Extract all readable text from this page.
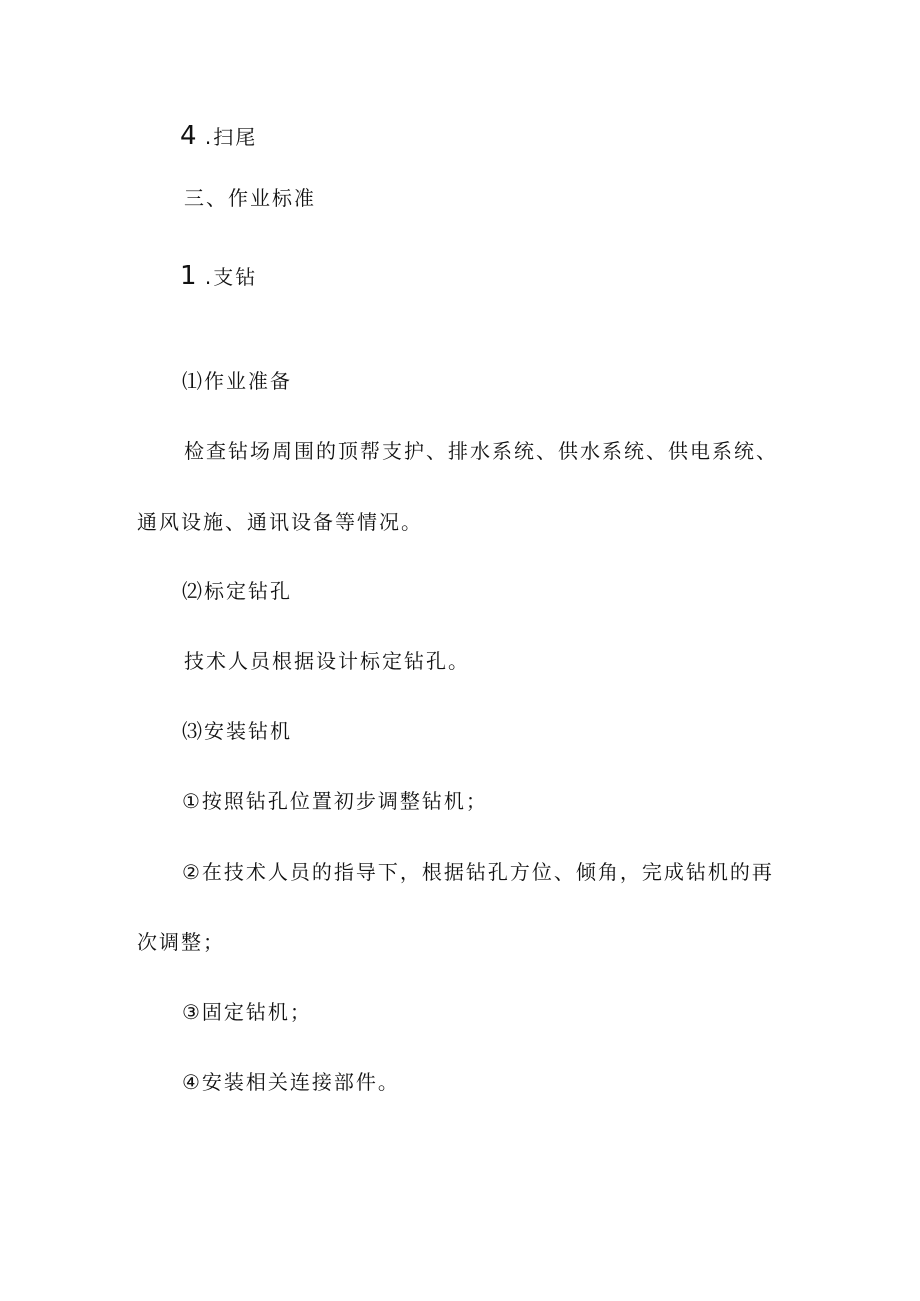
4 .扫尾
三、作业标准
1 .支钻
⑴作业准备
检查钻场周围的顶帮支护、排水系统、供水系统、供电系统、
通风设施、通讯设备等情况。
⑵标定钻孔
技术人员根据设计标定钻孔。
⑶安装钻机
①按照钻孔位置初步调整钻机；
②在技术人员的指导下，根据钻孔方位、倾角，完成钻机的再
次调整；
③固定钻机；
④安装相关连接部件。
